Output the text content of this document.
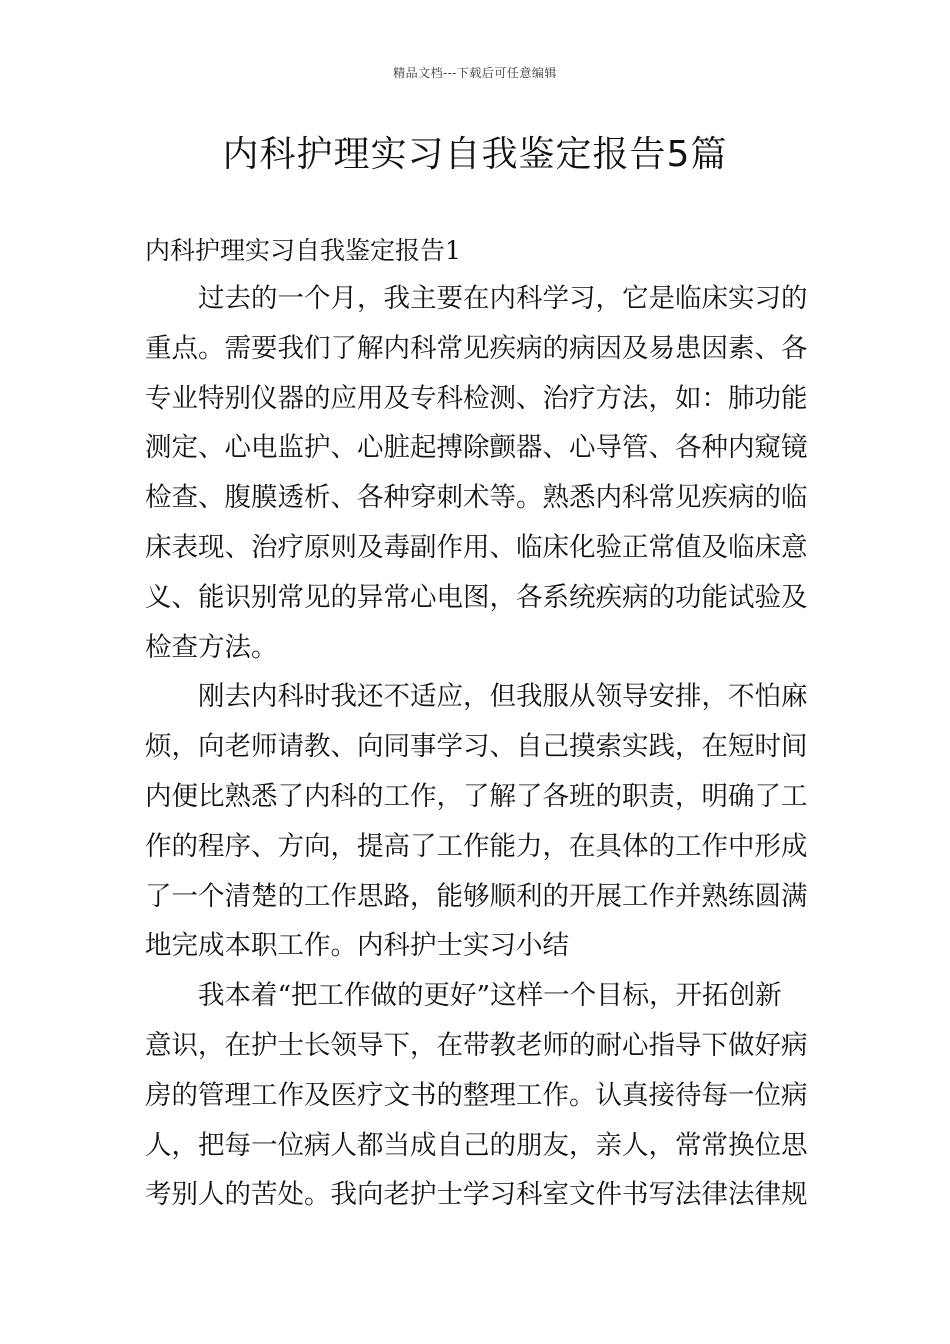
精品文档---下载后可任意编辑
内科护理实习自我鉴定报告5篇
内科护理实习自我鉴定报告1
过去的一个月，我主要在内科学习，它是临床实习的
重点。需要我们了解内科常见疾病的病因及易患因素、各
专业特别仪器的应用及专科检测、治疗方法，如：肺功能
测定、心电监护、心脏起搏除颤器、心导管、各种内窥镜
检查、腹膜透析、各种穿刺术等。熟悉内科常见疾病的临
床表现、治疗原则及毒副作用、临床化验正常值及临床意
义、能识别常见的异常心电图，各系统疾病的功能试验及
检查方法。
刚去内科时我还不适应，但我服从领导安排，不怕麻
烦，向老师请教、向同事学习、自己摸索实践，在短时间
内便比熟悉了内科的工作，了解了各班的职责，明确了工
作的程序、方向，提高了工作能力，在具体的工作中形成
了一个清楚的工作思路，能够顺利的开展工作并熟练圆满
地完成本职工作。内科护士实习小结
我本着“把工作做的更好”这样一个目标，开拓创新
意识，在护士长领导下，在带教老师的耐心指导下做好病
房的管理工作及医疗文书的整理工作。认真接待每一位病
人，把每一位病人都当成自己的朋友，亲人，常常换位思
考别人的苦处。我向老护士学习科室文件书写法律法律规
